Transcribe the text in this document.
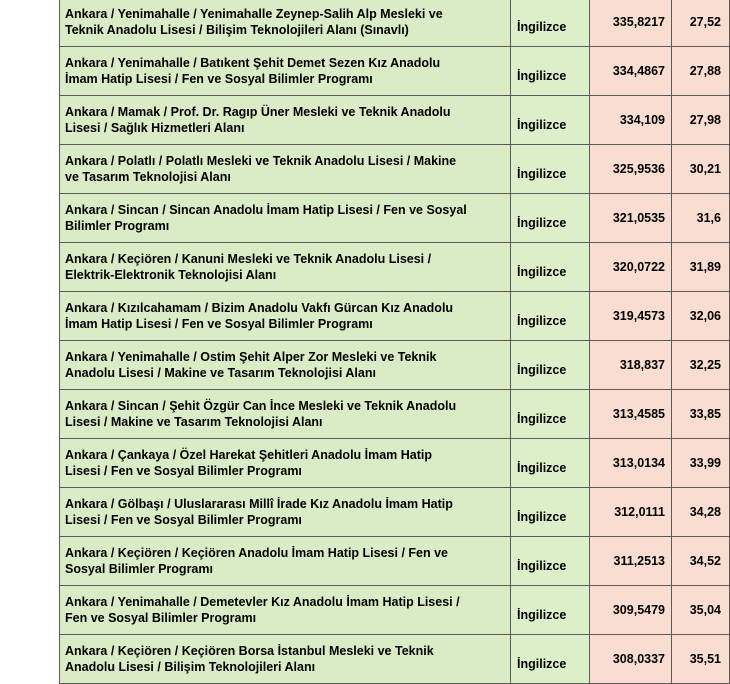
Ankara / Yenimahalle / Yenimahalle Zeynep-Salih Alp Mesleki ve
Teknik Anadolu Lisesi / Bilişim Teknolojileri Alanı (Sınavlı)	İngilizce	335,8217	27,52

Ankara / Yenimahalle / Batıkent Şehit Demet Sezen Kız Anadolu
İmam Hatip Lisesi / Fen ve Sosyal Bilimler Programı	İngilizce	334,4867	27,88

Ankara / Mamak / Prof. Dr. Ragıp Üner Mesleki ve Teknik Anadolu
Lisesi / Sağlık Hizmetleri Alanı	İngilizce	334,109	27,98

Ankara / Polatlı / Polatlı Mesleki ve Teknik Anadolu Lisesi / Makine
ve Tasarım Teknolojisi Alanı	İngilizce	325,9536	30,21

Ankara / Sincan / Sincan Anadolu İmam Hatip Lisesi / Fen ve Sosyal
Bilimler Programı	İngilizce	321,0535	31,6

Ankara / Keçiören / Kanuni Mesleki ve Teknik Anadolu Lisesi /
Elektrik-Elektronik Teknolojisi Alanı	İngilizce	320,0722	31,89

Ankara / Kızılcahamam / Bizim Anadolu Vakfı Gürcan Kız Anadolu
İmam Hatip Lisesi / Fen ve Sosyal Bilimler Programı	İngilizce	319,4573	32,06

Ankara / Yenimahalle / Ostim Şehit Alper Zor Mesleki ve Teknik
Anadolu Lisesi / Makine ve Tasarım Teknolojisi Alanı	İngilizce	318,837	32,25

Ankara / Sincan / Şehit Özgür Can İnce Mesleki ve Teknik Anadolu
Lisesi / Makine ve Tasarım Teknolojisi Alanı	İngilizce	313,4585	33,85

Ankara / Çankaya / Özel Harekat Şehitleri Anadolu İmam Hatip
Lisesi / Fen ve Sosyal Bilimler Programı	İngilizce	313,0134	33,99

Ankara / Gölbaşı / Uluslararası Millî İrade Kız Anadolu İmam Hatip
Lisesi / Fen ve Sosyal Bilimler Programı	İngilizce	312,0111	34,28

Ankara / Keçiören / Keçiören Anadolu İmam Hatip Lisesi / Fen ve
Sosyal Bilimler Programı	İngilizce	311,2513	34,52

Ankara / Yenimahalle / Demetevler Kız Anadolu İmam Hatip Lisesi /
Fen ve Sosyal Bilimler Programı	İngilizce	309,5479	35,04

Ankara / Keçiören / Keçiören Borsa İstanbul Mesleki ve Teknik
Anadolu Lisesi / Bilişim Teknolojileri Alanı	İngilizce	308,0337	35,51
